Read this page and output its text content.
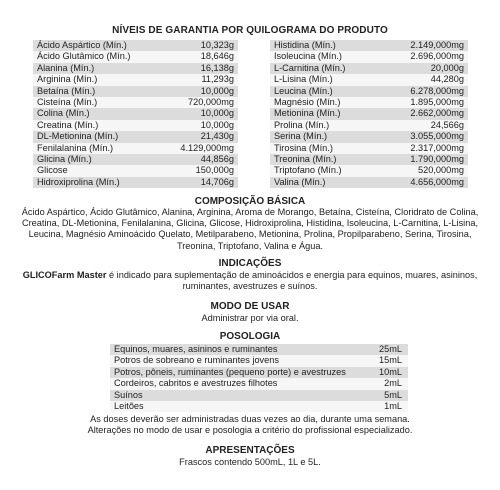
NÍVEIS DE GARANTIA POR QUILOGRAMA DO PRODUTO
Ácido Aspártico (Mín.)	10,323g
Ácido Glutâmico (Mín.)	18,646g
Alanina (Mín.)	16,138g
Arginina (Mín.)	11,293g
Betaína (Mín.)	10,000g
Cisteína (Mín.)	720,000mg
Colina (Mín.)	10,000g
Creatina (Mín.)	10,000g
DL-Metionina (Mín.)	21,430g
Fenilalanina (Mín.)	4.129,000mg
Glicina (Mín.)	44,856g
Glicose	150,000g
Hidroxiprolina (Mín.)	14,706g
Histidina (Mín.)	2.149,000mg
Isoleucina (Mín.)	2.696,000mg
L-Carnitina (Mín.)	20,000g
L-Lisina (Mín.)	44,280g
Leucina (Mín.)	6.278,000mg
Magnésio (Mín.)	1.895,000mg
Metionina (Mín.)	2.662,000mg
Prolina (Mín.)	24,566g
Serina (Mín.)	3.055,000mg
Tirosina (Mín.)	2.317,000mg
Treonina (Mín.)	1.790,000mg
Triptofano (Mín.)	520,000mg
Valina (Mín.)	4.656,000mg
COMPOSIÇÃO BÁSICA
Ácido Aspártico, Ácido Glutâmico, Alanina, Arginina, Aroma de Morango, Betaína, Cisteína, Cloridrato de Colina, Creatina, DL-Metionina, Fenilalanina, Glicina, Glicose, Hidroxiprolina, Histidina, Isoleucina, L-Carnitina, L-Lisina, Leucina, Magnésio Aminoácido Quelato, Metilparabeno, Metionina, Prolina, Propilparabeno, Serina, Tirosina, Treonina, Triptofano, Valina e Água.
INDICAÇÕES
GLICOFarm Master é indicado para suplementação de aminoácidos e energia para equinos, muares, asininos, ruminantes, avestruzes e suínos.
MODO DE USAR
Administrar por via oral.
POSOLOGIA
Equinos, muares, asininos e ruminantes	25mL
Potros de sobreano e ruminantes jovens	15mL
Potros, pôneis, ruminantes (pequeno porte) e avestruzes	10mL
Cordeiros, cabritos e avestruzes filhotes	2mL
Suínos	5mL
Leitões	1mL
As doses deverão ser administradas duas vezes ao dia, durante uma semana.
Alterações no modo de usar e posologia a critério do profissional especializado.
APRESENTAÇÕES
Frascos contendo 500mL, 1L e 5L.
